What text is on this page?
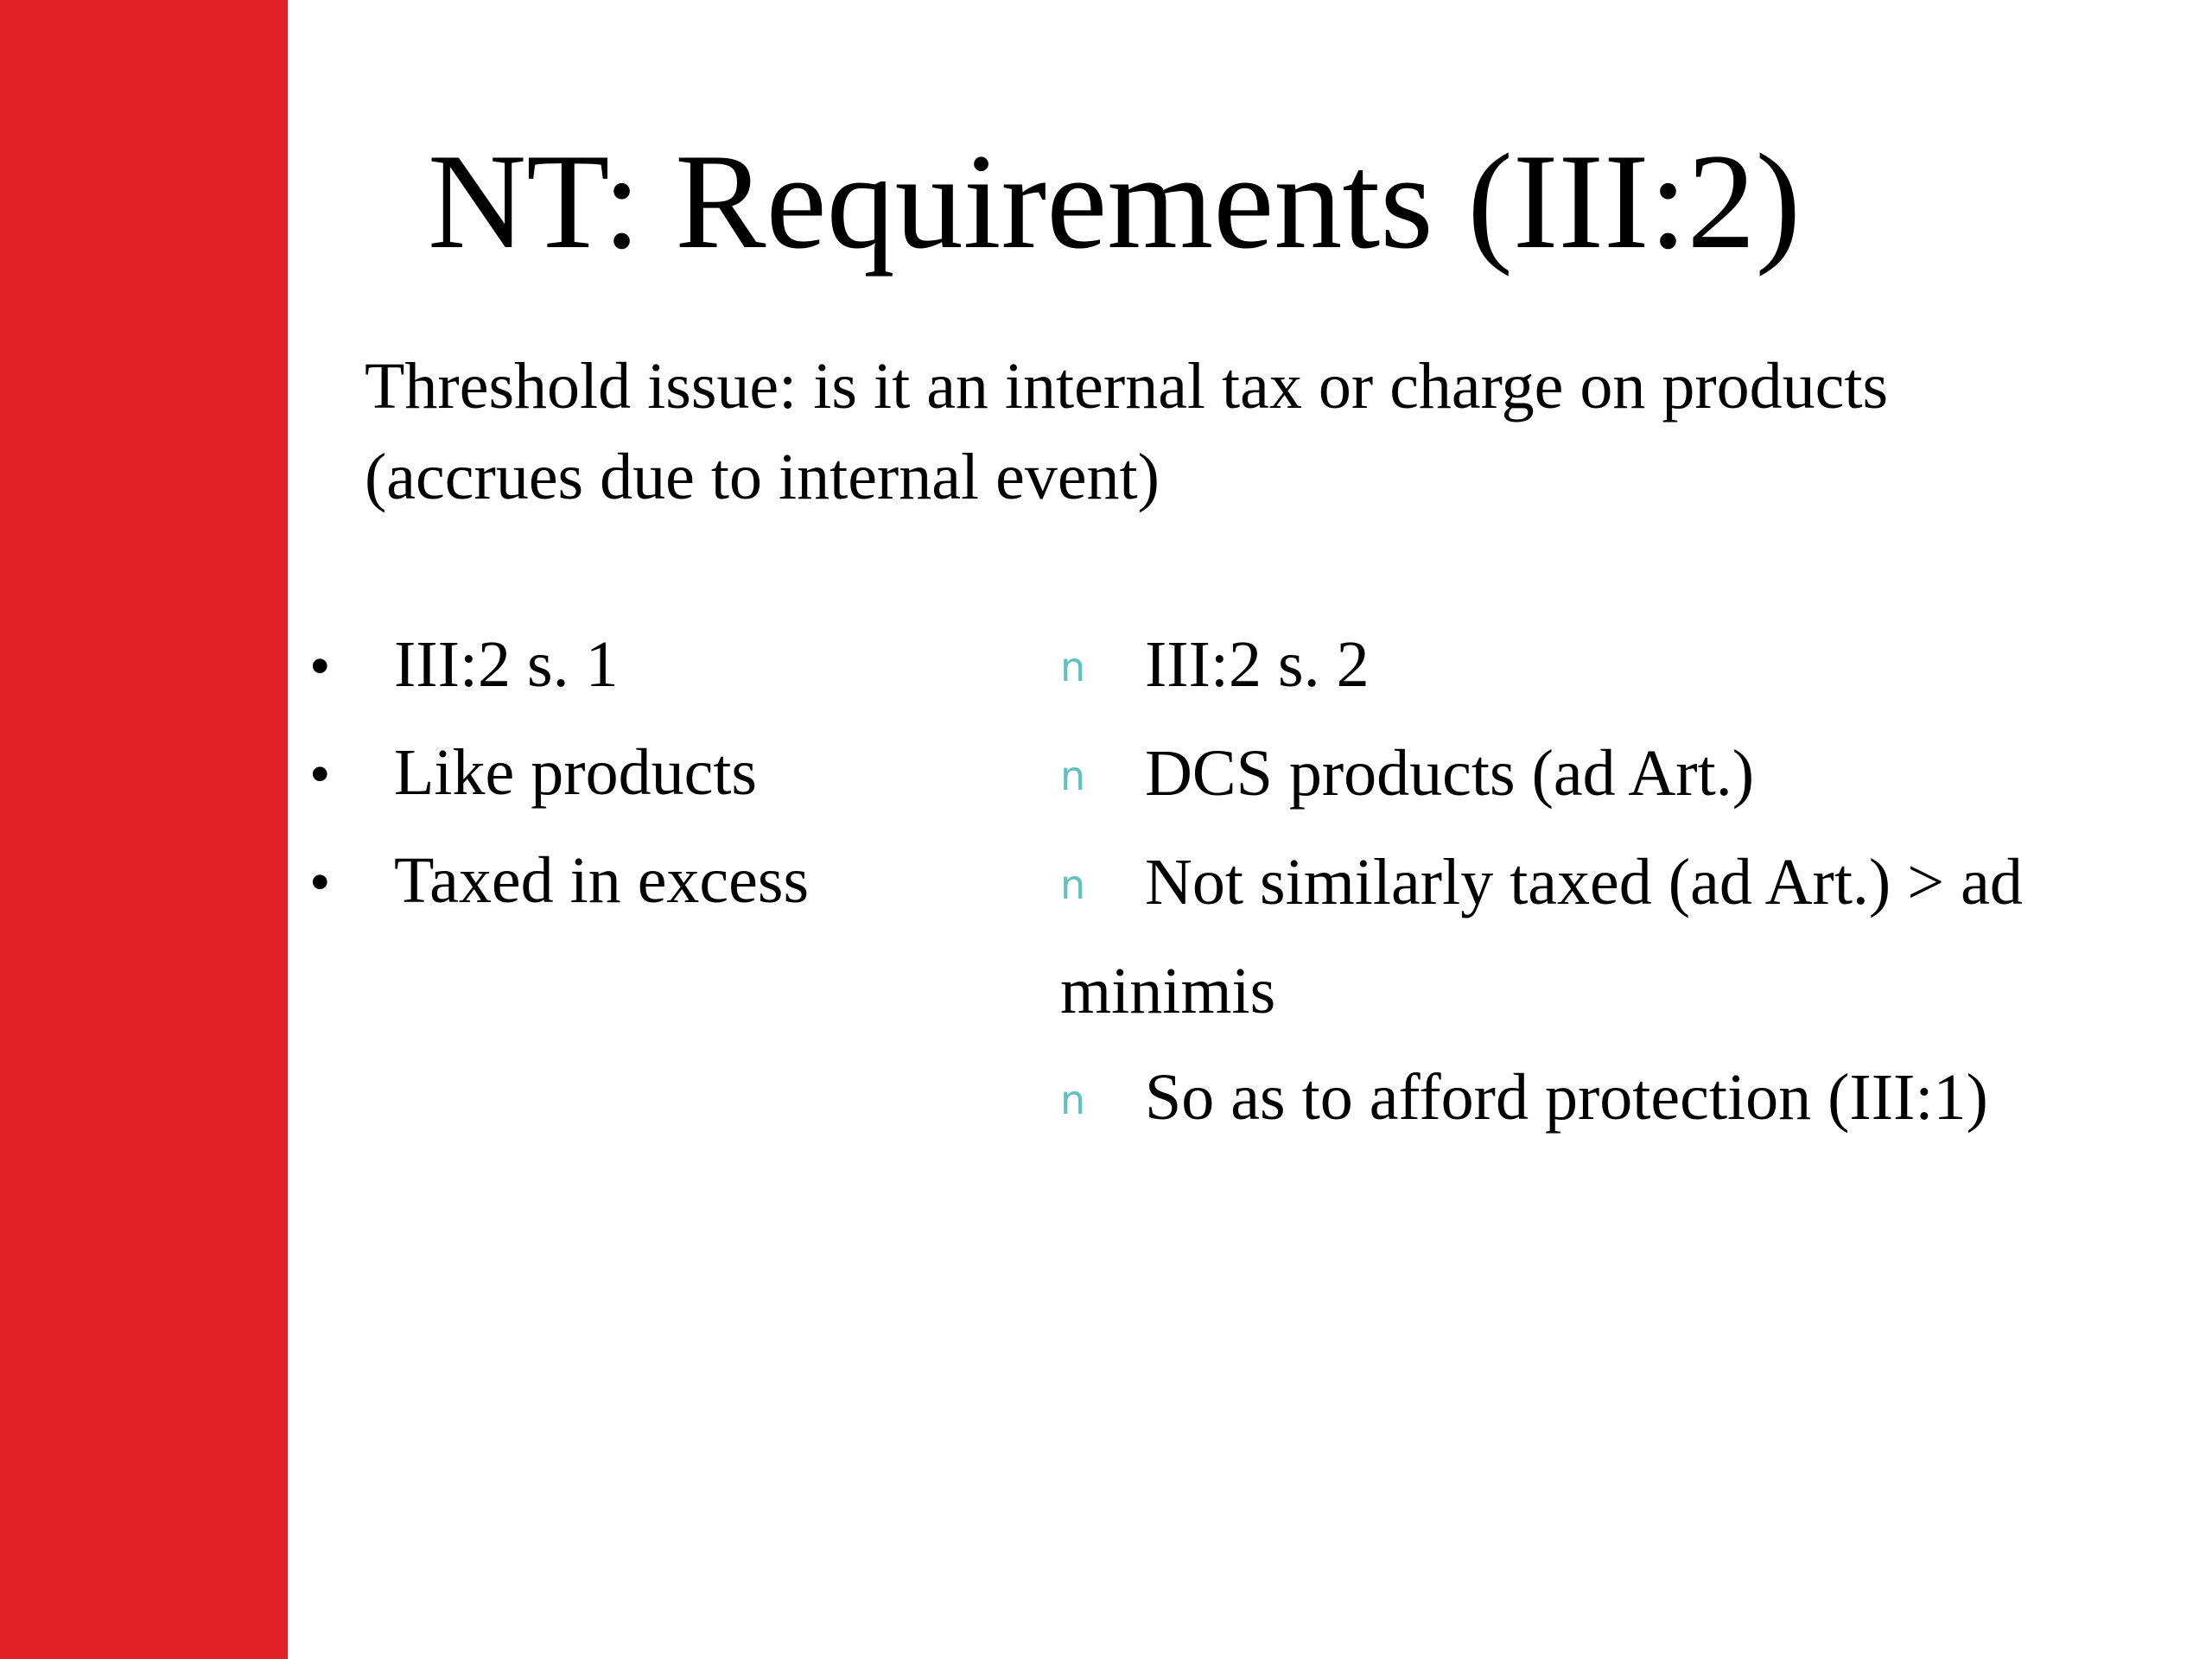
NT: Requirements (III:2)
Threshold issue: is it an internal tax or charge on products
(accrues due to internal event)
• III:2 s. 1
• Like products
• Taxed in excess
n III:2 s. 2
n DCS products (ad Art.)
n Not similarly taxed (ad Art.) > ad
minimis
n So as to afford protection (III:1)
